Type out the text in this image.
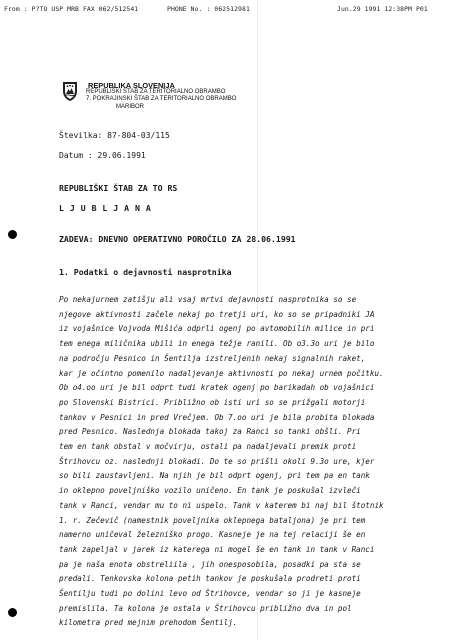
From : P?TO USP MRB FAX 062/512541	PHONE No. : 062512981	Jun.29 1991 12:38PM P01
REPUBLIKA SLOVENIJA
REPUBLIŠKI ŠTAB ZA TERITORIALNO OBRAMBO
7. POKRAJINSKI ŠTAB ZA TERITORIALNO OBRAMBO
MARIBOR
Številka: 87-804-03/115
Datum : 29.06.1991
REPUBLIŠKI ŠTAB ZA TO RS
L J U B L J A N A
ZADEVA: DNEVNO OPERATIVNO POROČILO ZA 28.06.1991
1. Podatki o dejavnosti nasprotnika
Po nekajurnem zatišju ali vsaj mrtvi dejavnosti nasprotnika so se
njegove aktivnosti začele nekaj po tretji uri, ko so se pripadniki JA
iz vojašnice Vojvoda Mišića odprli ogenj po avtomobilih milice in pri
tem enega miličnika ubili in enega težje ranili. Ob o3.3o uri je bilo
na področju Pesnico in Šentilja izstreljenih nekaj signalnih raket,
kar je očintno pomenilo nadaljevanje aktivnosti po nekaj urnem počitku.
Ob o4.oo uri je bil odprt tudi kratek ogenj po barikadah ob vojašnici
po Slovenski Bistrici. Približno ob isti uri so se prižgali motorji
tankov v Pesnici in pred Vrečjem. Ob 7.oo uri je bila probita blokada
pred Pesnico. Naslednja blokada takoj za Ranci so tanki obšli. Pri
tem en tank obstal v močvirju, ostali pa nadaljevali premik proti
Štrihovcu oz. naslednji blokadi. Do te so prišli okoli 9.3o ure, kjer
so bili zaustavljeni. Na njih je bil odprt ogenj, pri tem pa en tank
in oklepno poveljniško vozilo uničeno. En tank je poskušal izvleči
tank v Ranci, vendar mu to ni uspelo. Tank v katerem bi naj bil štotnik
1. r. Zečevič (namestnik poveljnika oklepnega bataljona) je pri tem
namerno uničeval železniško progo. Kasneje je na tej relaciji še en
tank zapeljal v jarek iz katerega ni mogel še en tank in tank v Ranci
pa je naša enota obstreliila , jih onesposobila, posadki pa sta se
predali. Tenkovska kolona petih tankov je poskušala prodreti proti
Šentilju tudi po dolini levo od Štrihovce, vendar so ji je kasneje
premislila. Ta kolona je ostala v Štrihovcu približno dva in pol
kilometra pred mejnim prehodom Šentilj.
